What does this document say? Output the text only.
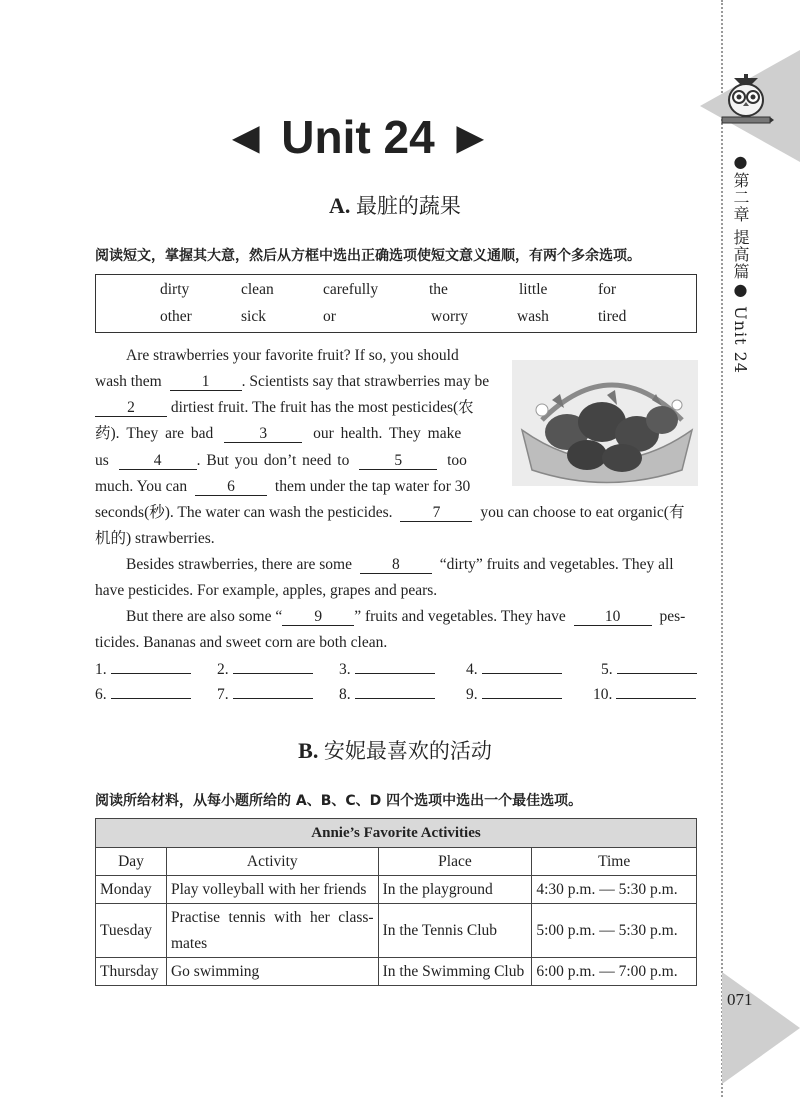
●第二章 提高篇● Unit 24
071
◄ Unit 24 ►
A. 最脏的蔬果
阅读短文，掌握其大意，然后从方框中选出正确选项使短文意义通顺，有两个多余选项。
dirty	clean	carefully	the	little	for
other	sick	or	worry	wash	tired
Are strawberries your favorite fruit? If so, you should
wash them	1 . Scientists say that strawberries may be
2 dirtiest fruit. The fruit has the most pesticides(农
药). They are bad	3	our health. They make
us	4 . But you don’t need to	5	too
much. You can	6	them under the tap water for 30
seconds(秒). The water can wash the pesticides.	7	you can choose to eat organic(有
机的) strawberries.
Besides strawberries, there are some	8	“dirty” fruits and vegetables. They all
have pesticides. For example, apples, grapes and pears.
But there are also some “ 9 ” fruits and vegetables. They have	10	pes-
ticides. Bananas and sweet corn are both clean.
1.	2.	3.	4.	5.
6.	7.	8.	9.	10.
B. 安妮最喜欢的活动
阅读所给材料，从每小题所给的 A、B、C、D 四个选项中选出一个最佳选项。
Annie’s Favorite Activities			
Day	Activity	Place	Time
Monday	Play volleyball with her friends	In the playground	4:30 p.m. — 5:30 p.m.
Tuesday	Practise tennis with her class-mates	In the Tennis Club	5:00 p.m. — 5:30 p.m.
Thursday	Go swimming	In the Swimming Club	6:00 p.m. — 7:00 p.m.
